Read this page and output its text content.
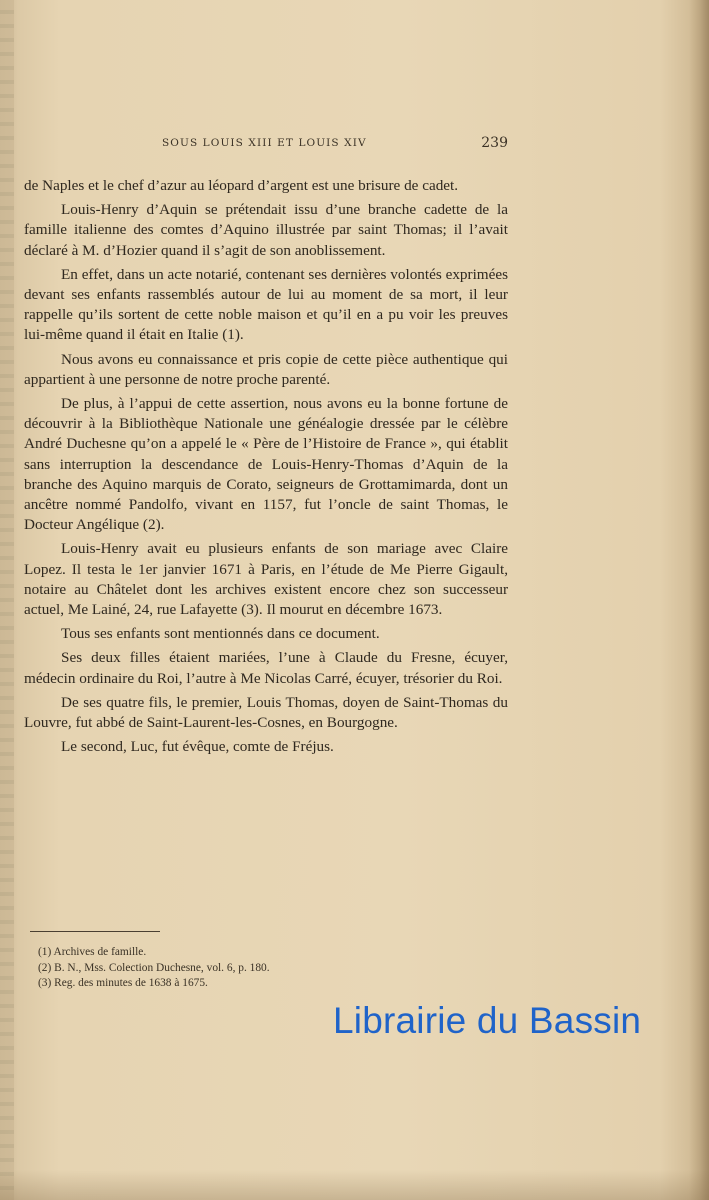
SOUS LOUIS XIII ET LOUIS XIV	239

de Naples et le chef d’azur au léopard d’argent est une brisure de cadet.

Louis-Henry d’Aquin se prétendait issu d’une branche cadette de la famille italienne des comtes d’Aquino illustrée par saint Thomas; il l’avait déclaré à M. d’Hozier quand il s’agit de son anoblissement.

En effet, dans un acte notarié, contenant ses dernières volontés exprimées devant ses enfants rassemblés autour de lui au moment de sa mort, il leur rappelle qu’ils sortent de cette noble maison et qu’il en a pu voir les preuves lui-même quand il était en Italie (1).

Nous avons eu connaissance et pris copie de cette pièce authentique qui appartient à une personne de notre proche parenté.

De plus, à l’appui de cette assertion, nous avons eu la bonne fortune de découvrir à la Bibliothèque Nationale une généalogie dressée par le célèbre André Duchesne qu’on a appelé le « Père de l’Histoire de France », qui établit sans interruption la descendance de Louis-Henry-Thomas d’Aquin de la branche des Aquino marquis de Corato, seigneurs de Grottamimarda, dont un ancêtre nommé Pandolfo, vivant en 1157, fut l’oncle de saint Thomas, le Docteur Angélique (2).

Louis-Henry avait eu plusieurs enfants de son mariage avec Claire Lopez. Il testa le 1er janvier 1671 à Paris, en l’étude de Me Pierre Gigault, notaire au Châtelet dont les archives existent encore chez son successeur actuel, Me Lainé, 24, rue Lafayette (3). Il mourut en décembre 1673.

Tous ses enfants sont mentionnés dans ce document.

Ses deux filles étaient mariées, l’une à Claude du Fresne, écuyer, médecin ordinaire du Roi, l’autre à Me Nicolas Carré, écuyer, trésorier du Roi.

De ses quatre fils, le premier, Louis Thomas, doyen de Saint-Thomas du Louvre, fut abbé de Saint-Laurent-les-Cosnes, en Bourgogne.

Le second, Luc, fut évêque, comte de Fréjus.

(1) Archives de famille.

(2) B. N., Mss. Colection Duchesne, vol. 6, p. 180.

(3) Reg. des minutes de 1638 à 1675.

Librairie du Bassin
